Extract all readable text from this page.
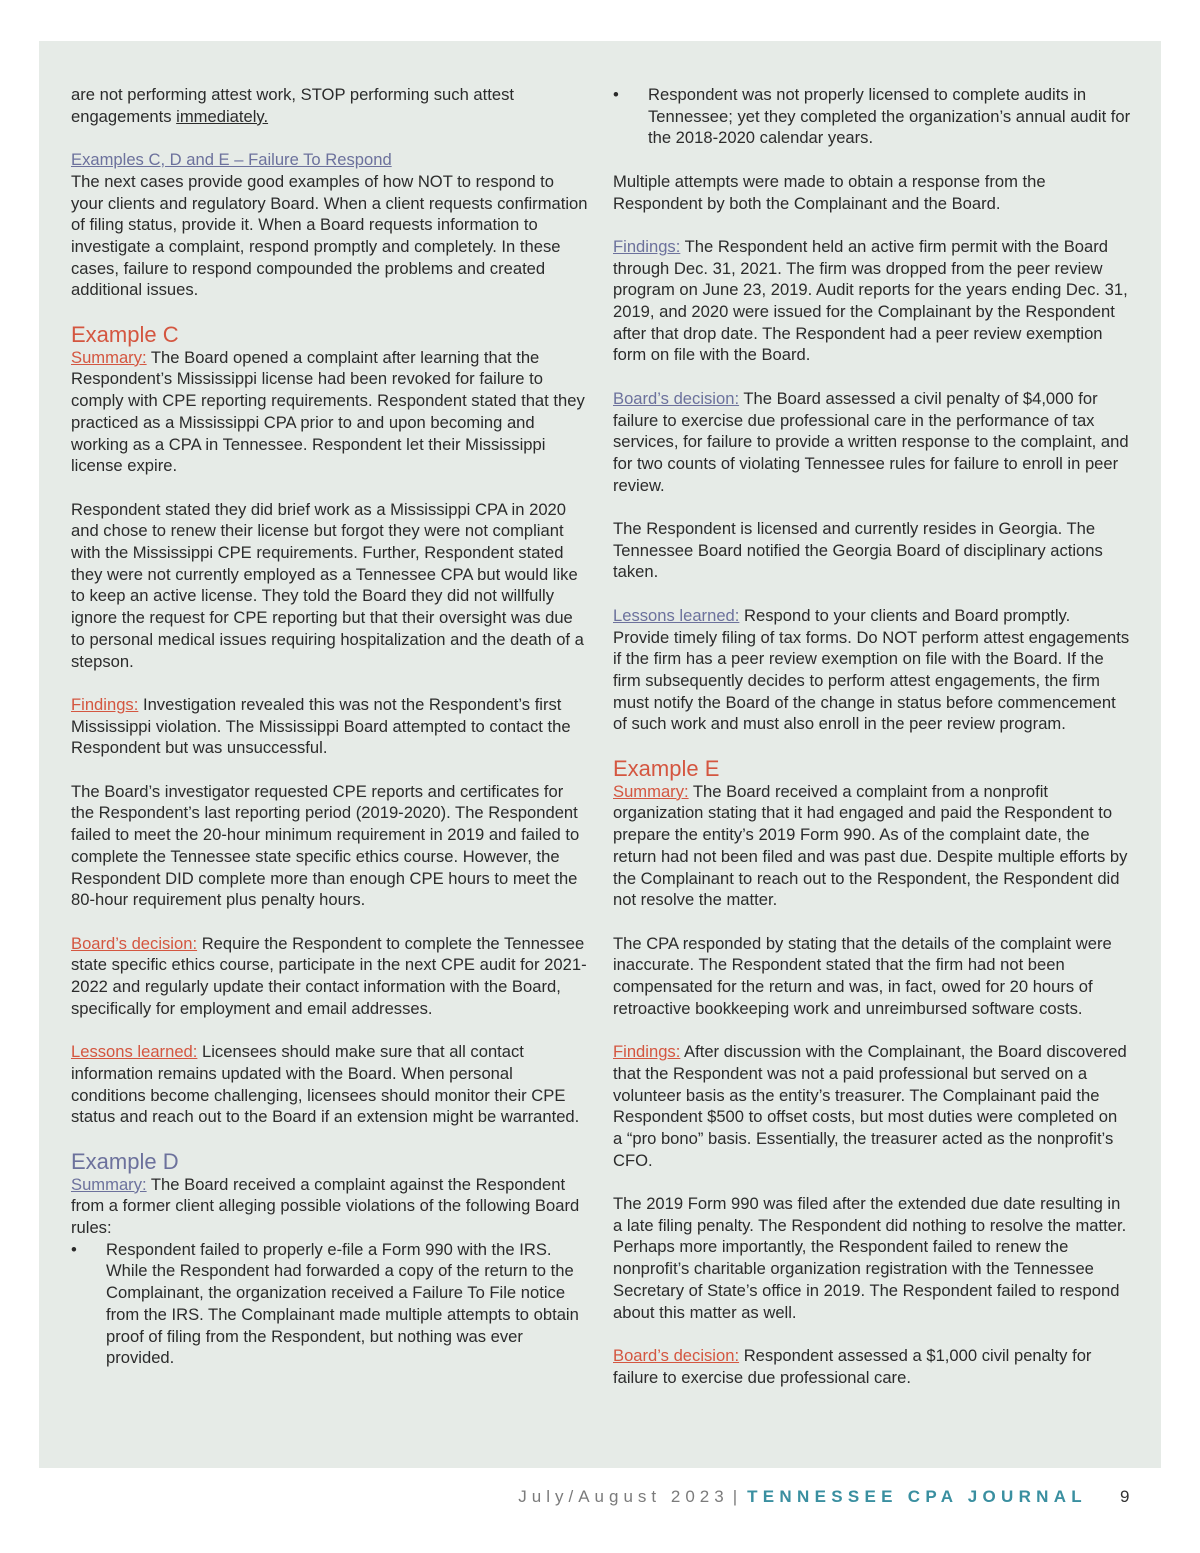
are not performing attest work, STOP performing such attest engagements immediately.

Examples C, D and E – Failure To Respond
The next cases provide good examples of how NOT to respond to your clients and regulatory Board. When a client requests confirmation of filing status, provide it. When a Board requests information to investigate a complaint, respond promptly and completely. In these cases, failure to respond compounded the problems and created additional issues.

Example C

Summary: The Board opened a complaint after learning that the Respondent’s Mississippi license had been revoked for failure to comply with CPE reporting requirements. Respondent stated that they practiced as a Mississippi CPA prior to and upon becoming and working as a CPA in Tennessee. Respondent let their Mississippi license expire.

Respondent stated they did brief work as a Mississippi CPA in 2020 and chose to renew their license but forgot they were not compliant with the Mississippi CPE requirements. Further, Respondent stated they were not currently employed as a Tennessee CPA but would like to keep an active license. They told the Board they did not willfully ignore the request for CPE reporting but that their oversight was due to personal medical issues requiring hospitalization and the death of a stepson.

Findings: Investigation revealed this was not the Respondent’s first Mississippi violation. The Mississippi Board attempted to contact the Respondent but was unsuccessful.

The Board’s investigator requested CPE reports and certificates for the Respondent’s last reporting period (2019-2020). The Respondent failed to meet the 20-hour minimum requirement in 2019 and failed to complete the Tennessee state specific ethics course. However, the Respondent DID complete more than enough CPE hours to meet the 80-hour requirement plus penalty hours.

Board’s decision: Require the Respondent to complete the Tennessee state specific ethics course, participate in the next CPE audit for 2021-2022 and regularly update their contact information with the Board, specifically for employment and email addresses.

Lessons learned: Licensees should make sure that all contact information remains updated with the Board. When personal conditions become challenging, licensees should monitor their CPE status and reach out to the Board if an extension might be warranted.

Example D

Summary: The Board received a complaint against the Respondent from a former client alleging possible violations of the following Board rules:

• Respondent failed to properly e-file a Form 990 with the IRS. While the Respondent had forwarded a copy of the return to the Complainant, the organization received a Failure To File notice from the IRS. The Complainant made multiple attempts to obtain proof of filing from the Respondent, but nothing was ever provided.
• Respondent was not properly licensed to complete audits in Tennessee; yet they completed the organization’s annual audit for the 2018-2020 calendar years.

Multiple attempts were made to obtain a response from the Respondent by both the Complainant and the Board.

Findings: The Respondent held an active firm permit with the Board through Dec. 31, 2021. The firm was dropped from the peer review program on June 23, 2019. Audit reports for the years ending Dec. 31, 2019, and 2020 were issued for the Complainant by the Respondent after that drop date. The Respondent had a peer review exemption form on file with the Board.

Board’s decision: The Board assessed a civil penalty of $4,000 for failure to exercise due professional care in the performance of tax services, for failure to provide a written response to the complaint, and for two counts of violating Tennessee rules for failure to enroll in peer review.

The Respondent is licensed and currently resides in Georgia. The Tennessee Board notified the Georgia Board of disciplinary actions taken.

Lessons learned: Respond to your clients and Board promptly. Provide timely filing of tax forms. Do NOT perform attest engagements if the firm has a peer review exemption on file with the Board. If the firm subsequently decides to perform attest engagements, the firm must notify the Board of the change in status before commencement of such work and must also enroll in the peer review program.

Example E

Summary: The Board received a complaint from a nonprofit organization stating that it had engaged and paid the Respondent to prepare the entity’s 2019 Form 990. As of the complaint date, the return had not been filed and was past due. Despite multiple efforts by the Complainant to reach out to the Respondent, the Respondent did not resolve the matter.

The CPA responded by stating that the details of the complaint were inaccurate. The Respondent stated that the firm had not been compensated for the return and was, in fact, owed for 20 hours of retroactive bookkeeping work and unreimbursed software costs.

Findings: After discussion with the Complainant, the Board discovered that the Respondent was not a paid professional but served on a volunteer basis as the entity’s treasurer. The Complainant paid the Respondent $500 to offset costs, but most duties were completed on a “pro bono” basis. Essentially, the treasurer acted as the nonprofit’s CFO.

The 2019 Form 990 was filed after the extended due date resulting in a late filing penalty. The Respondent did nothing to resolve the matter. Perhaps more importantly, the Respondent failed to renew the nonprofit’s charitable organization registration with the Tennessee Secretary of State’s office in 2019. The Respondent failed to respond about this matter as well.

Board’s decision: Respondent assessed a $1,000 civil penalty for failure to exercise due professional care.

July/August 2023 | TENNESSEE CPA JOURNAL 9
